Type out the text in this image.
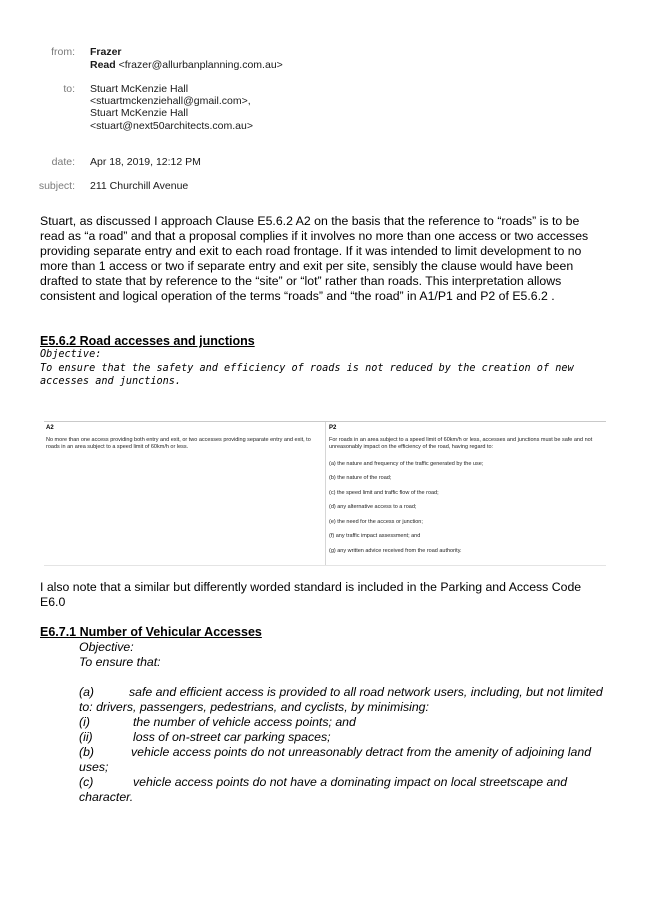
from: Frazer
Read <frazer@allurbanplanning.com.au>
to: Stuart McKenzie Hall
<stuartmckenziehall@gmail.com>,
Stuart McKenzie Hall
<stuart@next50architects.com.au>
date: Apr 18, 2019, 12:12 PM
subject: 211 Churchill Avenue

Stuart, as discussed I approach Clause E5.6.2 A2 on the basis that the reference to “roads” is to be read as “a road” and that a proposal complies if it involves no more than one access or two accesses providing separate entry and exit to each road frontage. If it was intended to limit development to no more than 1 access or two if separate entry and exit per site, sensibly the clause would have been drafted to state that by reference to the “site” or “lot” rather than roads. This interpretation allows consistent and logical operation of the terms “roads” and “the road” in A1/P1 and P2 of E5.6.2 .

E5.6.2 Road accesses and junctions

Objective:

To ensure that the safety and efficiency of roads is not reduced by the creation of new accesses and junctions.

A2
No more than one access providing both entry and exit, or two accesses providing separate entry and exit, to roads in an area subject to a speed limit of 60km/h or less.
P2
For roads in an area subject to a speed limit of 60km/h or less, accesses and junctions must be safe and not unreasonably impact on the efficiency of the road, having regard to:
(a) the nature and frequency of the traffic generated by the use;
(b) the nature of the road;
(c) the speed limit and traffic flow of the road;
(d) any alternative access to a road;
(e) the need for the access or junction;
(f) any traffic impact assessment; and
(g) any written advice received from the road authority.

I also note that a similar but differently worded standard is included in the Parking and Access Code E6.0

E6.7.1 Number of Vehicular Accesses

Objective:

To ensure that:

(a)	safe and efficient access is provided to all road network users, including, but not limited to: drivers, passengers, pedestrians, and cyclists, by minimising:

(i)	the number of vehicle access points; and

(ii)	loss of on-street car parking spaces;

(b)	vehicle access points do not unreasonably detract from the amenity of adjoining land uses;

(c)	vehicle access points do not have a dominating impact on local streetscape and character.
